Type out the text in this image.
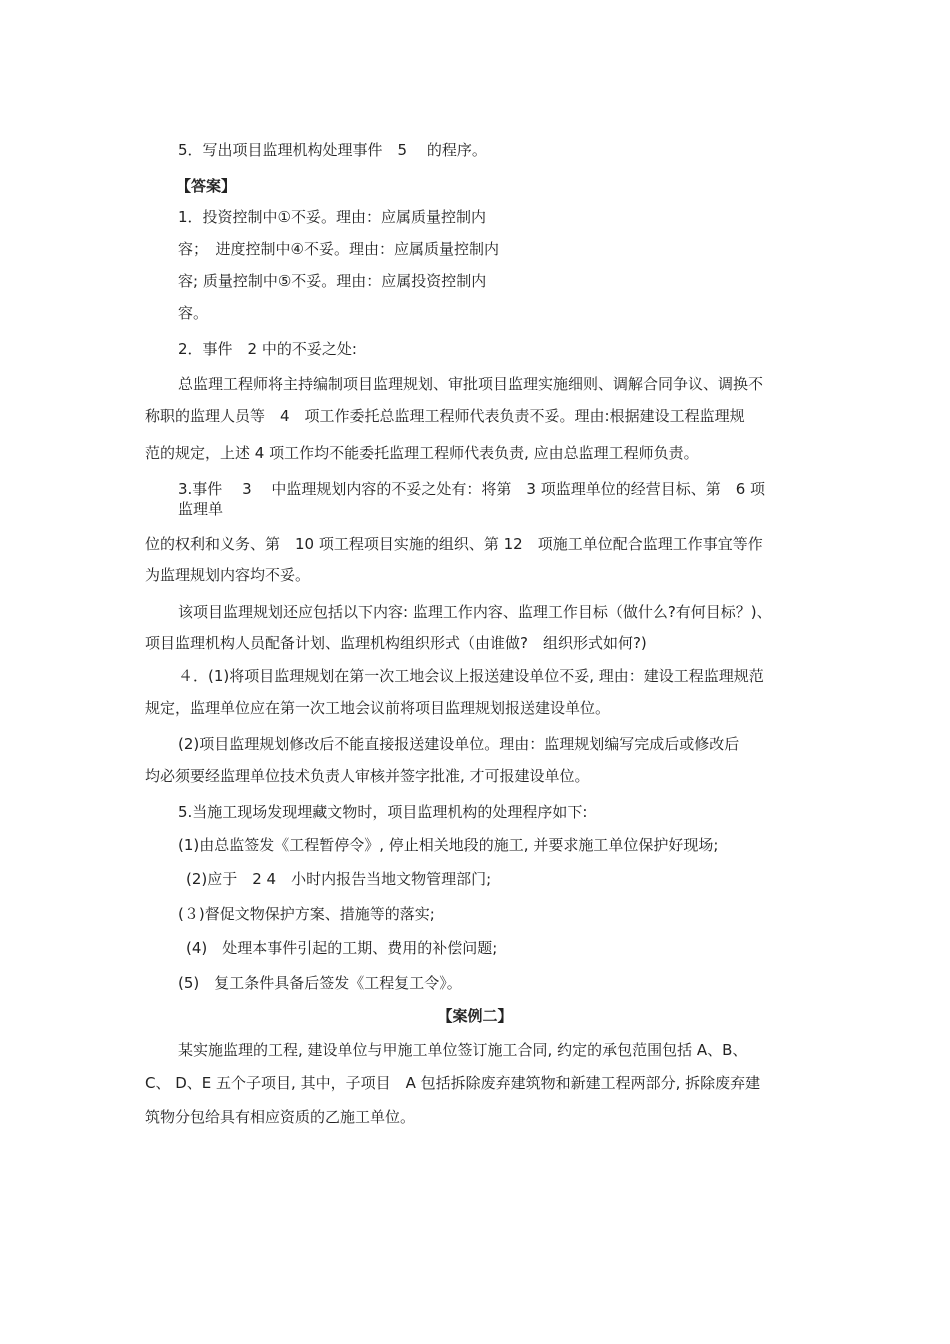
5．写出项目监理机构处理事件　5　 的程序。
【答案】
1．投资控制中①不妥。理由：应属质量控制内
容；　进度控制中④不妥。理由：应属质量控制内
容; 质量控制中⑤不妥。理由：应属投资控制内
容。
2．事件　2 中的不妥之处:
总监理工程师将主持编制项目监理规划、审批项目监理实施细则、调解合同争议、调换不
称职的监理人员等　4　项工作委托总监理工程师代表负责不妥。理由:根据建设工程监理规
范的规定，上述 4 项工作均不能委托监理工程师代表负责, 应由总监理工程师负责。
3.事件　 3　 中监理规划内容的不妥之处有：将第　3 项监理单位的经营目标、第　6 项
监理单
位的权利和义务、第　10 项工程项目实施的组织、第 12　项施工单位配合监理工作事宜等作
为监理规划内容均不妥。
该项目监理规划还应包括以下内容: 监理工作内容、监理工作目标（做什么?有何目标？)、
项目监理机构人员配备计划、监理机构组织形式（由谁做?　组织形式如何?)
４．(1)将项目监理规划在第一次工地会议上报送建设单位不妥, 理由：建设工程监理规范
规定，监理单位应在第一次工地会议前将项目监理规划报送建设单位。
(2)项目监理规划修改后不能直接报送建设单位。理由：监理规划编写完成后或修改后
均必须要经监理单位技术负责人审核并签字批准, 才可报建设单位。
5.当施工现场发现埋藏文物时，项目监理机构的处理程序如下:
(1)由总监签发《工程暂停令》, 停止相关地段的施工, 并要求施工单位保护好现场;
(2)应于　2 4　小时内报告当地文物管理部门;
(３)督促文物保护方案、措施等的落实;
(4)　处理本事件引起的工期、费用的补偿问题;
(5)　复工条件具备后签发《工程复工令》。
【案例二】
某实施监理的工程, 建设单位与甲施工单位签订施工合同, 约定的承包范围包括 A、B、
C、 D、E 五个子项目, 其中，子项目　A 包括拆除废弃建筑物和新建工程两部分, 拆除废弃建
筑物分包给具有相应资质的乙施工单位。
